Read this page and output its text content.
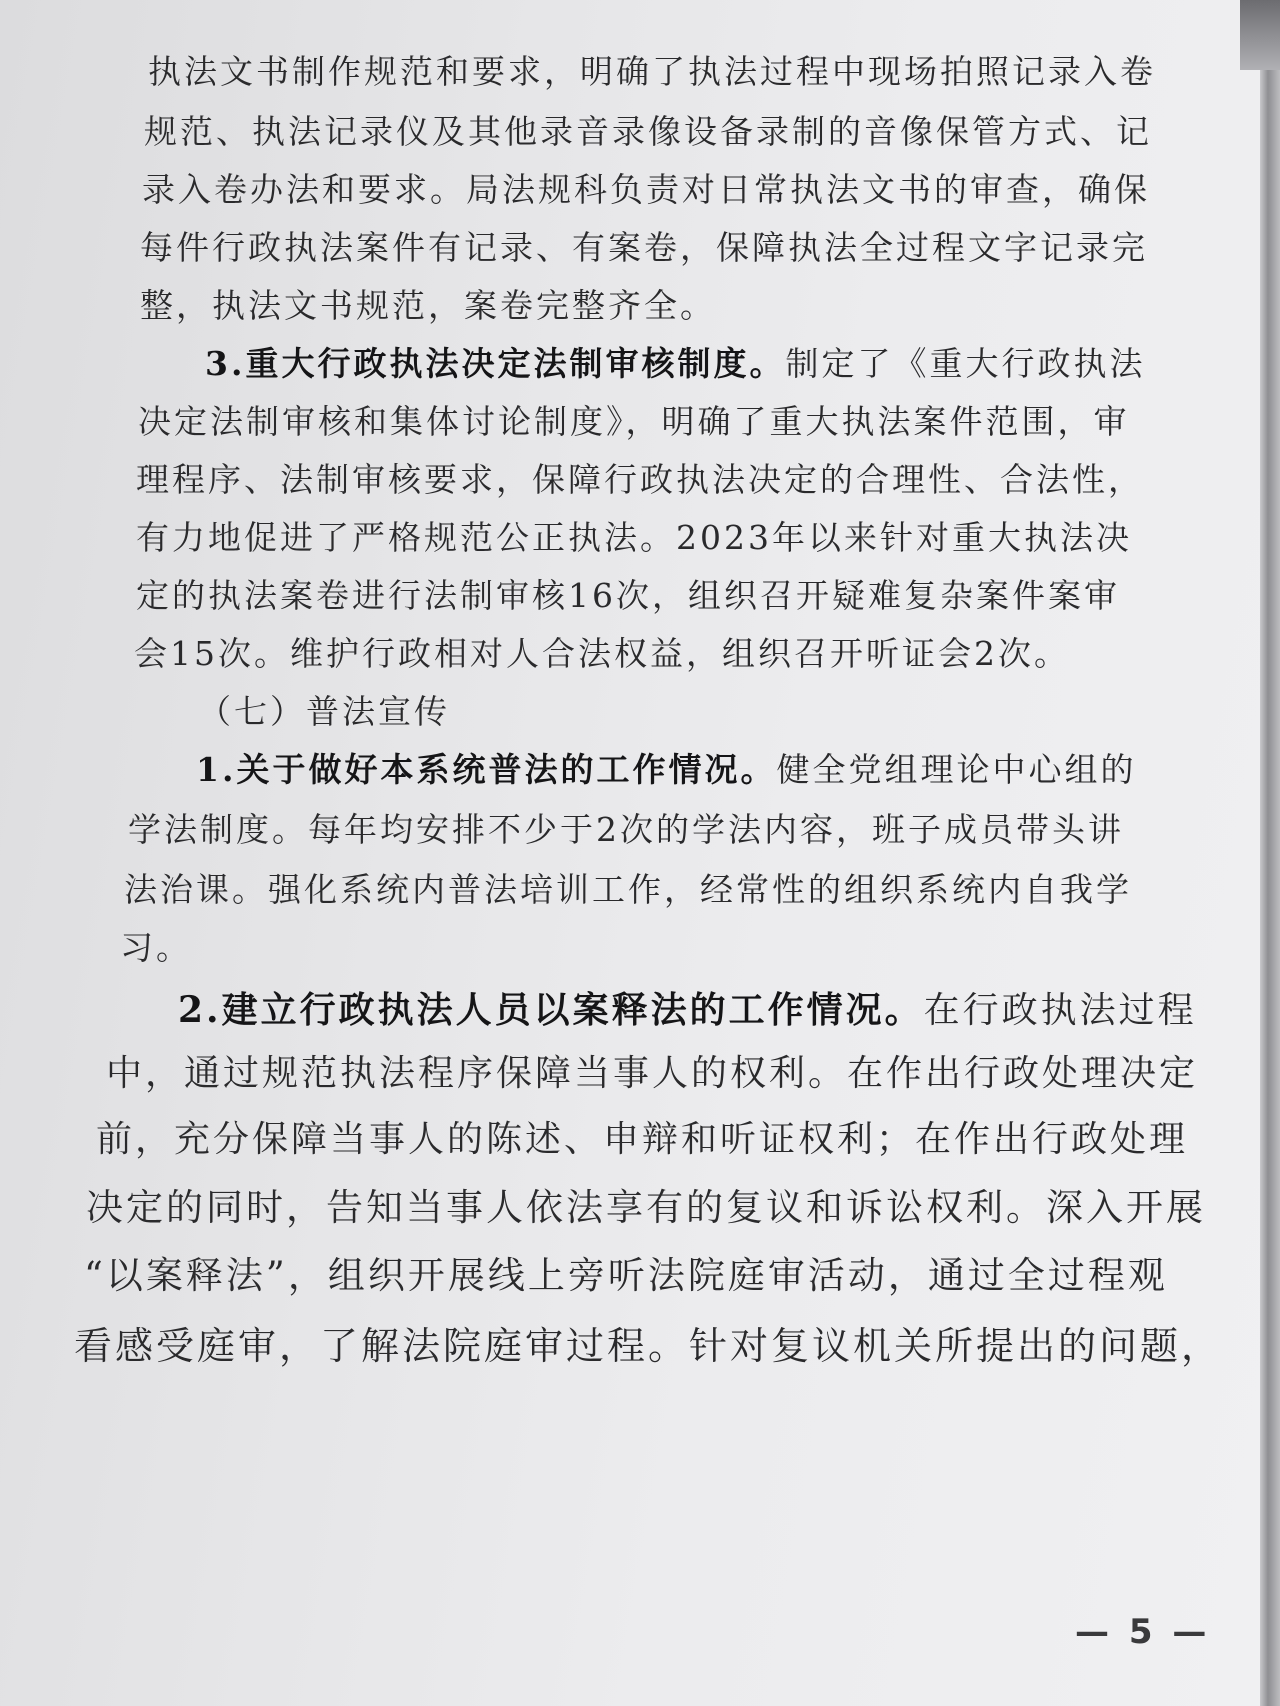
执法文书制作规范和要求，明确了执法过程中现场拍照记录入卷
规范、执法记录仪及其他录音录像设备录制的音像保管方式、记
录入卷办法和要求。局法规科负责对日常执法文书的审查，确保
每件行政执法案件有记录、有案卷，保障执法全过程文字记录完
整，执法文书规范，案卷完整齐全。
3.重大行政执法决定法制审核制度。制定了《重大行政执法
决定法制审核和集体讨论制度》，明确了重大执法案件范围，审
理程序、法制审核要求，保障行政执法决定的合理性、合法性，
有力地促进了严格规范公正执法。2023年以来针对重大执法决
定的执法案卷进行法制审核16次，组织召开疑难复杂案件案审
会15次。维护行政相对人合法权益，组织召开听证会2次。
（七）普法宣传
1.关于做好本系统普法的工作情况。健全党组理论中心组的
学法制度。每年均安排不少于2次的学法内容，班子成员带头讲
法治课。强化系统内普法培训工作，经常性的组织系统内自我学
习。
2.建立行政执法人员以案释法的工作情况。在行政执法过程
中，通过规范执法程序保障当事人的权利。在作出行政处理决定
前，充分保障当事人的陈述、申辩和听证权利；在作出行政处理
决定的同时，告知当事人依法享有的复议和诉讼权利。深入开展
“以案释法”，组织开展线上旁听法院庭审活动，通过全过程观
看感受庭审，了解法院庭审过程。针对复议机关所提出的问题，
— 5 —
